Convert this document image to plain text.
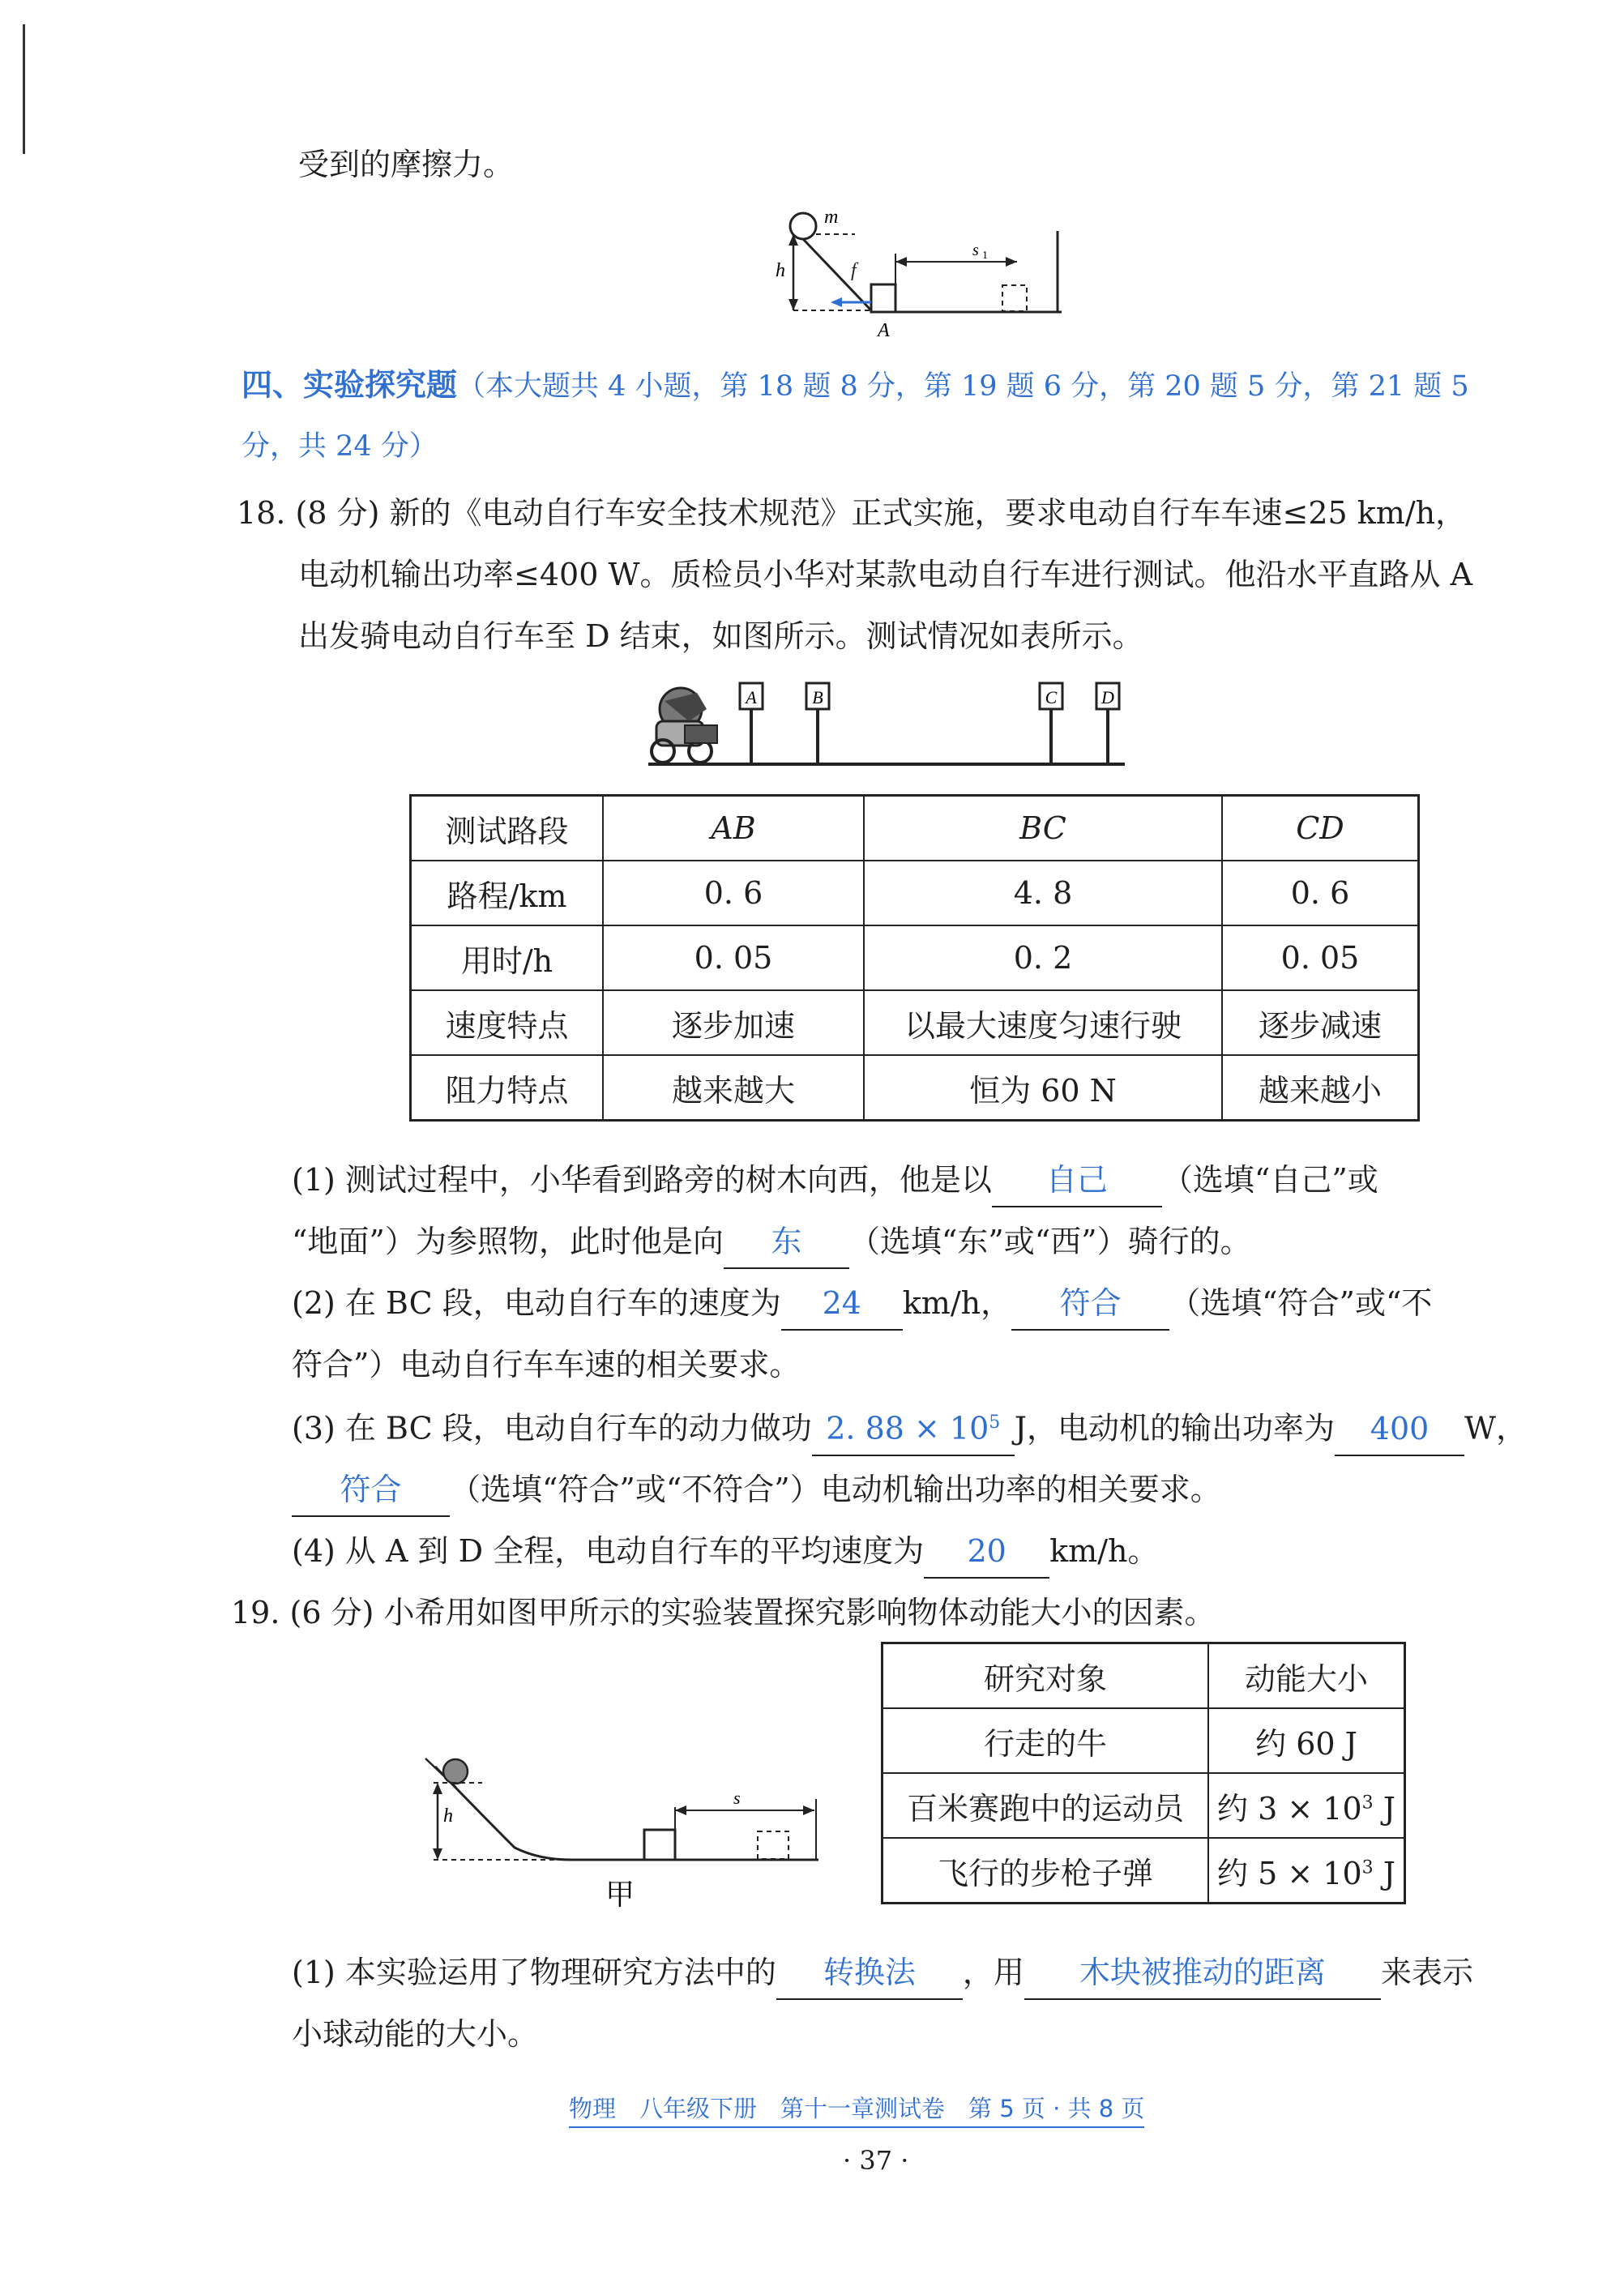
受到的摩擦力。
m
h	f
s 1
A
四、实验探究题（本大题共 4 小题，第 18 题 8 分，第 19 题 6 分，第 20 题 5 分，第 21 题 5
分，共 24 分）
18. (8 分) 新的《电动自行车安全技术规范》正式实施，要求电动自行车车速≤25 km/h，
电动机输出功率≤400 W。质检员小华对某款电动自行车进行测试。他沿水平直路从 A
出发骑电动自行车至 D 结束，如图所示。测试情况如表所示。
A	B	C D
测试路段	AB	BC	CD
路程/km	0. 6	4. 8	0. 6
用时/h	0. 05	0. 2	0. 05
速度特点	逐步加速	以最大速度匀速行驶	逐步减速
阻力特点	越来越大	恒为 60 N	越来越小
(1) 测试过程中，小华看到路旁的树木向西，他是以 自己 （选填“自己”或
“地面”）为参照物，此时他是向 东 （选填“东”或“西”）骑行的。
(2) 在 BC 段，电动自行车的速度为 24 km/h， 符合 （选填“符合”或“不
符合”）电动自行车车速的相关要求。
(3) 在 BC 段，电动自行车的动力做功 2. $88 \times 10^5$ J，电动机的输出功率为 400 W，
符合 （选填“符合”或“不符合”）电动机输出功率的相关要求。
(4) 从 A 到 D 全程，电动自行车的平均速度为 20 km/h。
19. (6 分) 小希用如图甲所示的实验装置探究影响物体动能大小的因素。
h
s
甲
研究对象	动能大小
行走的牛	约 60 J
百米赛跑中的运动员	约 $3 \times 10^3$ J
飞行的步枪子弹	约 $5 \times 10^3$ J
(1) 本实验运用了物理研究方法中的 转换法 ，用 木块被推动的距离 来表示
小球动能的大小。
物理　八年级下册　第十一章测试卷　第 5 页 · 共 8 页
· 37 ·
